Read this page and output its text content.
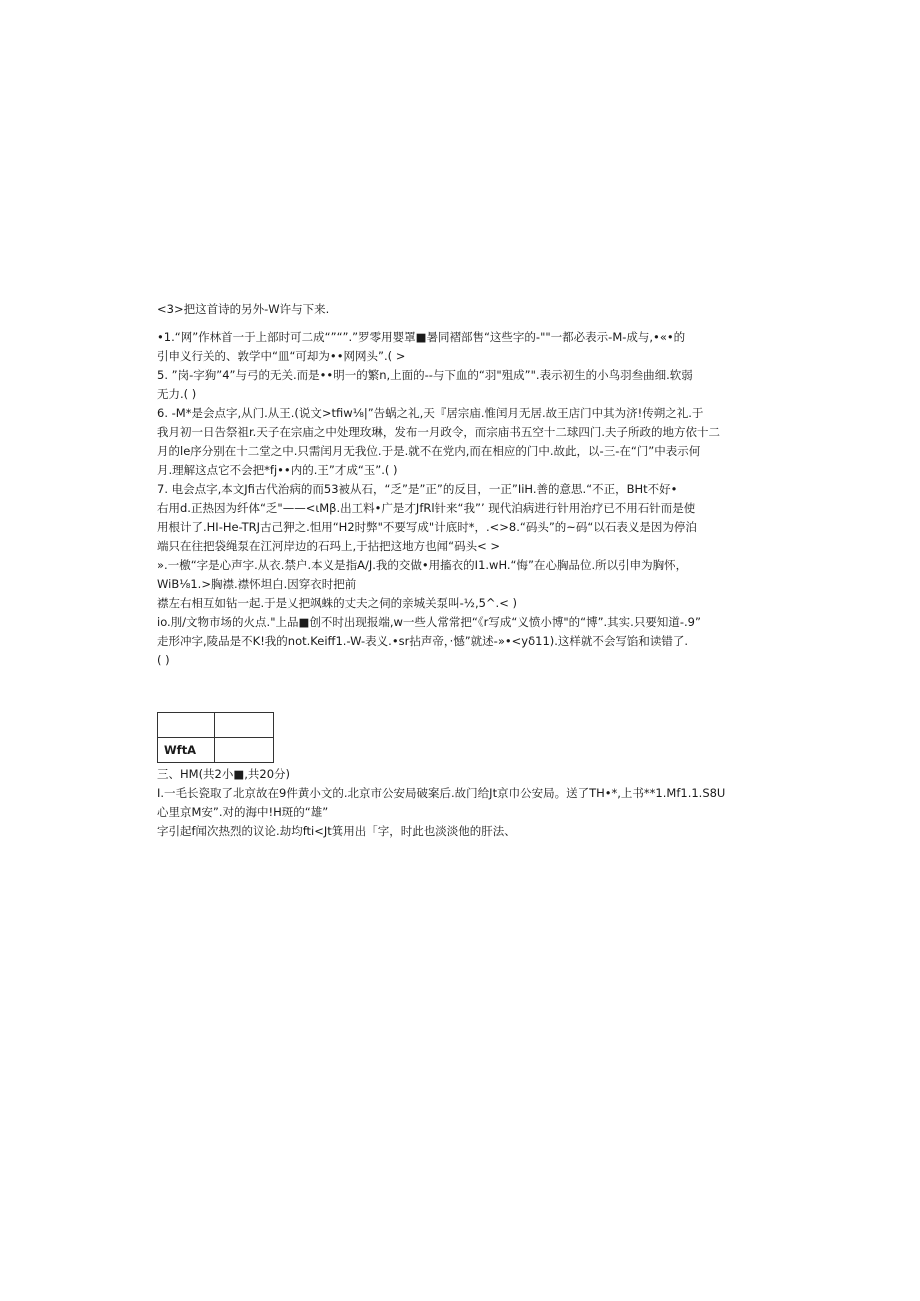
<3>把这首诗的另外-W许与下来.
•1.“网”作林首一于上部时可二成“”“”.”罗零用婴罩■暑同褶部售“这些字的-""一都必表示-M-成与,•«•的
引申义行关的、敦学中“皿“可却为••网网头”.( >
5. ”岗-字狗”4”与弓的无关.而是••明一的繁n,上面的--与下血的“羽"殂成”".表示初生的小鸟羽叁曲细.软弱
无力.( )
6. -M*是会点字,从门.从王.(说文>tfiw⅛|”告蜗之礼,天『居宗庙.惟闰月无居.故王店门中其为济!传朔之礼.于
我月初一日告祭祖r.天子在宗庙之中处理玫琳，发布一月政令，而宗庙书五空十二球四门.夫子所政的地方依十二
月的le序分别在十二堂之中.只需闰月无我位.于是.就不在党内,而在相应的门中.故此，以-三-在“门”中表示何
月.理解这点它不会把*fj••内的.王”才成“玉”.( )
7. 电会点字,本文Jfi古代治病的而53被从石，“乏”是”正”的反目，一正”IiH.善的意思.“不正，BHt不好•
右用d.正热因为纤体“乏"——<ιMβ.出工料•广是才JfRl针来“我”’ 现代泊病进行针用治疗已不用石针而是使
用根计了.HI-He-TRJ古己狎之.怛用“H2时弊"不要写成"计底时*，.<>8.“码头”的~码“以石表义是因为停泊
端只在往把袋绳泵在江河岸边的石玛上,于拈把这地方也闻“码头< >
».一檄“字是心声字.从衣.禁户.本义是指A/J.我的交做•用搐衣的I1.wH.“悔”在心胸品位.所以引申为胸怀，
WiB⅛1.>胸襟.襟怀坦白.因穿衣时把前
襟左右相互如钻一起.于是乂把飒蛛的丈夫之伺的亲城关泵叫-½,5^.< )
io.刖/文物市场的火点."上品■创不时出现报端,w一些人常常把“《r写成“义愤小博"的“博”.其实.只要知道-.9”
走形冲字,陵品是不K!我的not.Keiff1.-W-表义.•sr拈声帝，·憾”就述-»•<yδ11).这样就不会写馅和读错了.
( )

WftA	
三、HM(共2小■,共20分)
I.一毛长瓷取了北京故在9件黄小文的.北京市公安局破案后.故门给Jt京巾公安局。送了TH•*,上书**1.Mf1.1.S8U
心里京M安”.对的海中!H斑的“雄”
字引起f闻次热烈的议论.劫均fti<Jt箕用出「字，时此也淡淡他的肝法、
